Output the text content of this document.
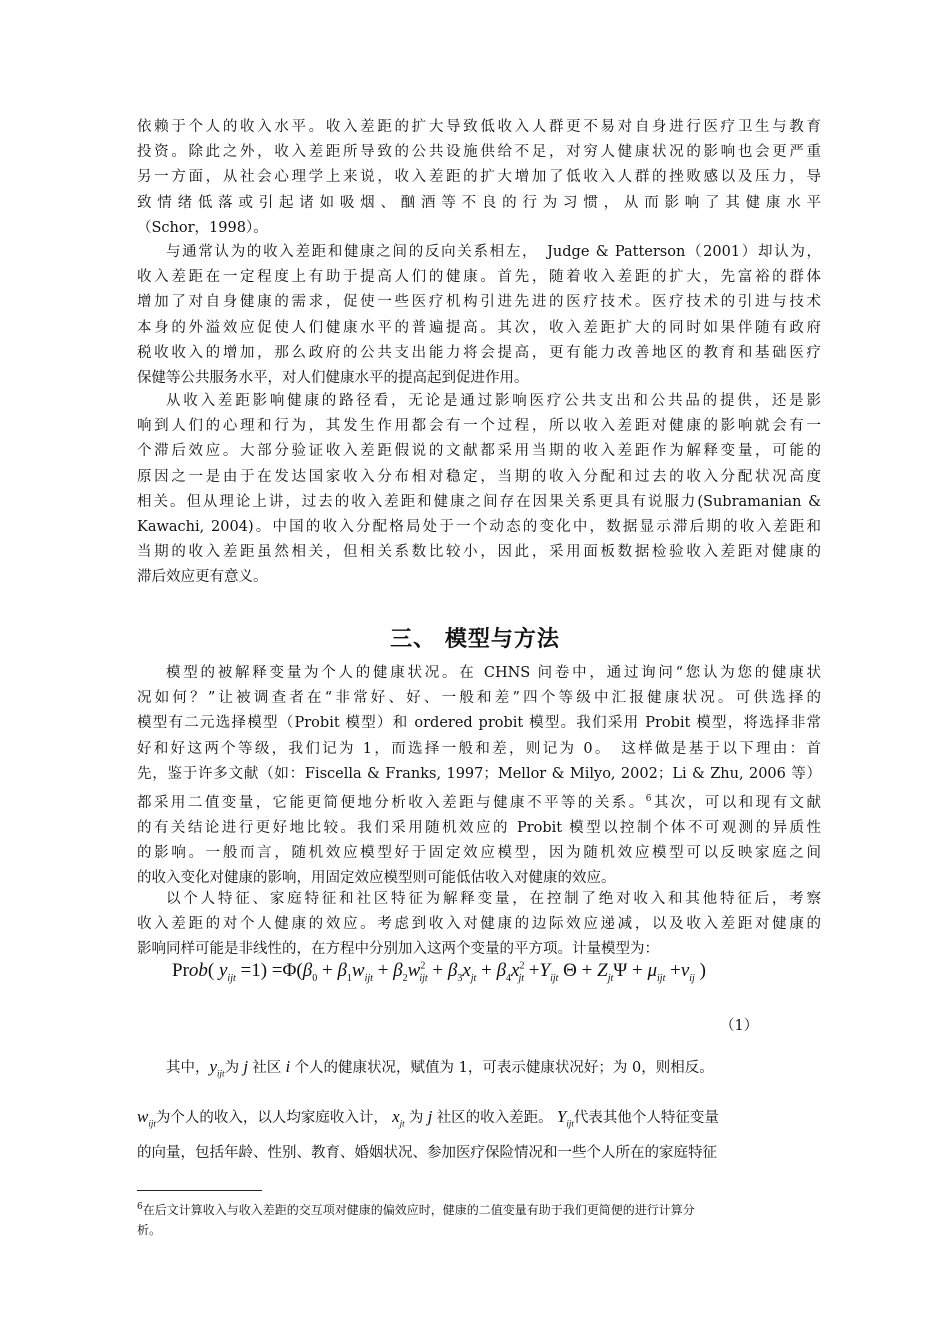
依赖于个人的收入水平。收入差距的扩大导致低收入人群更不易对自身进行医疗卫生与教育
投资。除此之外，收入差距所导致的公共设施供给不足，对穷人健康状况的影响也会更严重
另一方面，从社会心理学上来说，收入差距的扩大增加了低收入人群的挫败感以及压力，导
致 情 绪 低 落 或 引 起 诸 如 吸 烟 、 酗 酒 等 不 良 的 行 为 习 惯 ， 从 而 影 响 了 其 健 康 水 平
（Schor，1998）。
与通常认为的收入差距和健康之间的反向关系相左，　Judge & Patterson（2001）却认为，
收入差距在一定程度上有助于提高人们的健康。首先，随着收入差距的扩大，先富裕的群体
增加了对自身健康的需求，促使一些医疗机构引进先进的医疗技术。医疗技术的引进与技术
本身的外溢效应促使人们健康水平的普遍提高。其次，收入差距扩大的同时如果伴随有政府
税收收入的增加，那么政府的公共支出能力将会提高，更有能力改善地区的教育和基础医疗
保健等公共服务水平，对人们健康水平的提高起到促进作用。
从收入差距影响健康的路径看，无论是通过影响医疗公共支出和公共品的提供，还是影
响到人们的心理和行为，其发生作用都会有一个过程，所以收入差距对健康的影响就会有一
个滞后效应。大部分验证收入差距假说的文献都采用当期的收入差距作为解释变量，可能的
原因之一是由于在发达国家收入分布相对稳定，当期的收入分配和过去的收入分配状况高度
相关。但从理论上讲，过去的收入差距和健康之间存在因果关系更具有说服力(Subramanian &
Kawachi, 2004)。中国的收入分配格局处于一个动态的变化中，数据显示滞后期的收入差距和
当期的收入差距虽然相关，但相关系数比较小，因此，采用面板数据检验收入差距对健康的
滞后效应更有意义。
三、 模型与方法
模型的被解释变量为个人的健康状况。在 CHNS 问卷中，通过询问“您认为您的健康状
况如何？”让被调查者在“非常好、好、一般和差”四个等级中汇报健康状况。可供选择的
模型有二元选择模型（Probit 模型）和 ordered probit 模型。我们采用 Probit 模型，将选择非常
好和好这两个等级，我们记为 1，而选择一般和差，则记为 0。　这样做是基于以下理由：首
先，鉴于许多文献（如：Fiscella & Franks, 1997；Mellor & Milyo, 2002；Li & Zhu, 2006 等）
都采用二值变量，它能更简便地分析收入差距与健康不平等的关系。$^6$其次，可以和现有文献
的有关结论进行更好地比较。我们采用随机效应的 Probit 模型以控制个体不可观测的异质性
的影响。一般而言，随机效应模型好于固定效应模型，因为随机效应模型可以反映家庭之间
的收入变化对健康的影响，用固定效应模型则可能低估收入对健康的效应。
以个人特征、家庭特征和社区特征为解释变量，在控制了绝对收入和其他特征后，考察
收入差距的对个人健康的效应。考虑到收入对健康的边际效应递减，以及收入差距对健康的
影响同样可能是非线性的，在方程中分别加入这两个变量的平方项。计量模型为：
Prob( $y_{ijt} =1) =\Phi(\beta_0 + \beta_1w_{ijt} + \beta_2w^2_{ijt} + \beta_3x_{jt} + \beta_4x^2_{jt} +Y_{ijt}$ $\Theta + Z_{jt}\Psi + \mu_{ijt} +\nu_{ij}$ )
（1）
其中，$y_{ijt}$为 j 社区 i 个人的健康状况，赋值为 1，可表示健康状况好；为 0，则相反。
$w_{ijt}$为个人的收入，以人均家庭收入计， $x_{jt}$ 为 j 社区的收入差距。 $Y_{ijt}$代表其他个人特征变量
的向量，包括年龄、性别、教育、婚姻状况、参加医疗保险情况和一些个人所在的家庭特征
$^6$在后文计算收入与收入差距的交互项对健康的偏效应时，健康的二值变量有助于我们更简便的进行计算分
析。
